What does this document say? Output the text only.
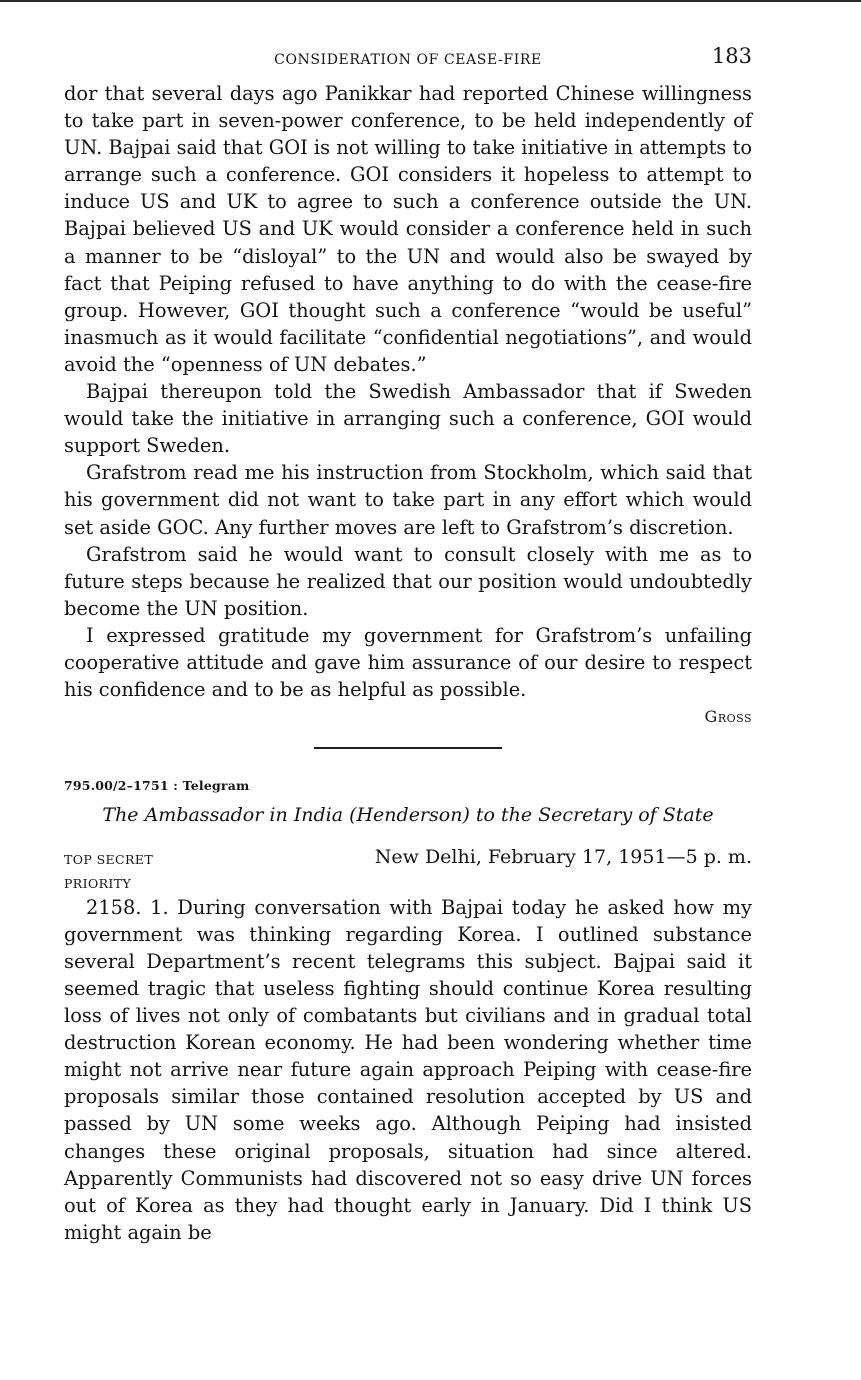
CONSIDERATION OF CEASE-FIRE	183

dor that several days ago Panikkar had reported Chinese willingness to take part in seven-power conference, to be held independently of UN. Bajpai said that GOI is not willing to take initiative in attempts to arrange such a conference. GOI considers it hopeless to attempt to induce US and UK to agree to such a conference outside the UN. Bajpai believed US and UK would consider a conference held in such a manner to be “disloyal” to the UN and would also be swayed by fact that Peiping refused to have anything to do with the cease-fire group. However, GOI thought such a conference “would be useful” inasmuch as it would facilitate “confidential negotiations”, and would avoid the “openness of UN debates.”

Bajpai thereupon told the Swedish Ambassador that if Sweden would take the initiative in arranging such a conference, GOI would support Sweden.

Grafstrom read me his instruction from Stockholm, which said that his government did not want to take part in any effort which would set aside GOC. Any further moves are left to Grafstrom’s discretion.

Grafstrom said he would want to consult closely with me as to future steps because he realized that our position would undoubtedly become the UN position.

I expressed gratitude my government for Grafstrom’s unfailing cooperative attitude and gave him assurance of our desire to respect his confidence and to be as helpful as possible.

Gross
795.00/2–1751 : Telegram
The Ambassador in India (Henderson) to the Secretary of State
TOP SECRET	New Delhi, February 17, 1951—5 p. m.
PRIORITY

2158. 1. During conversation with Bajpai today he asked how my government was thinking regarding Korea. I outlined substance several Department’s recent telegrams this subject. Bajpai said it seemed tragic that useless fighting should continue Korea resulting loss of lives not only of combatants but civilians and in gradual total destruction Korean economy. He had been wondering whether time might not arrive near future again approach Peiping with cease-fire proposals similar those contained resolution accepted by US and passed by UN some weeks ago. Although Peiping had insisted changes these original proposals, situation had since altered. Apparently Communists had discovered not so easy drive UN forces out of Korea as they had thought early in January. Did I think US might again be
